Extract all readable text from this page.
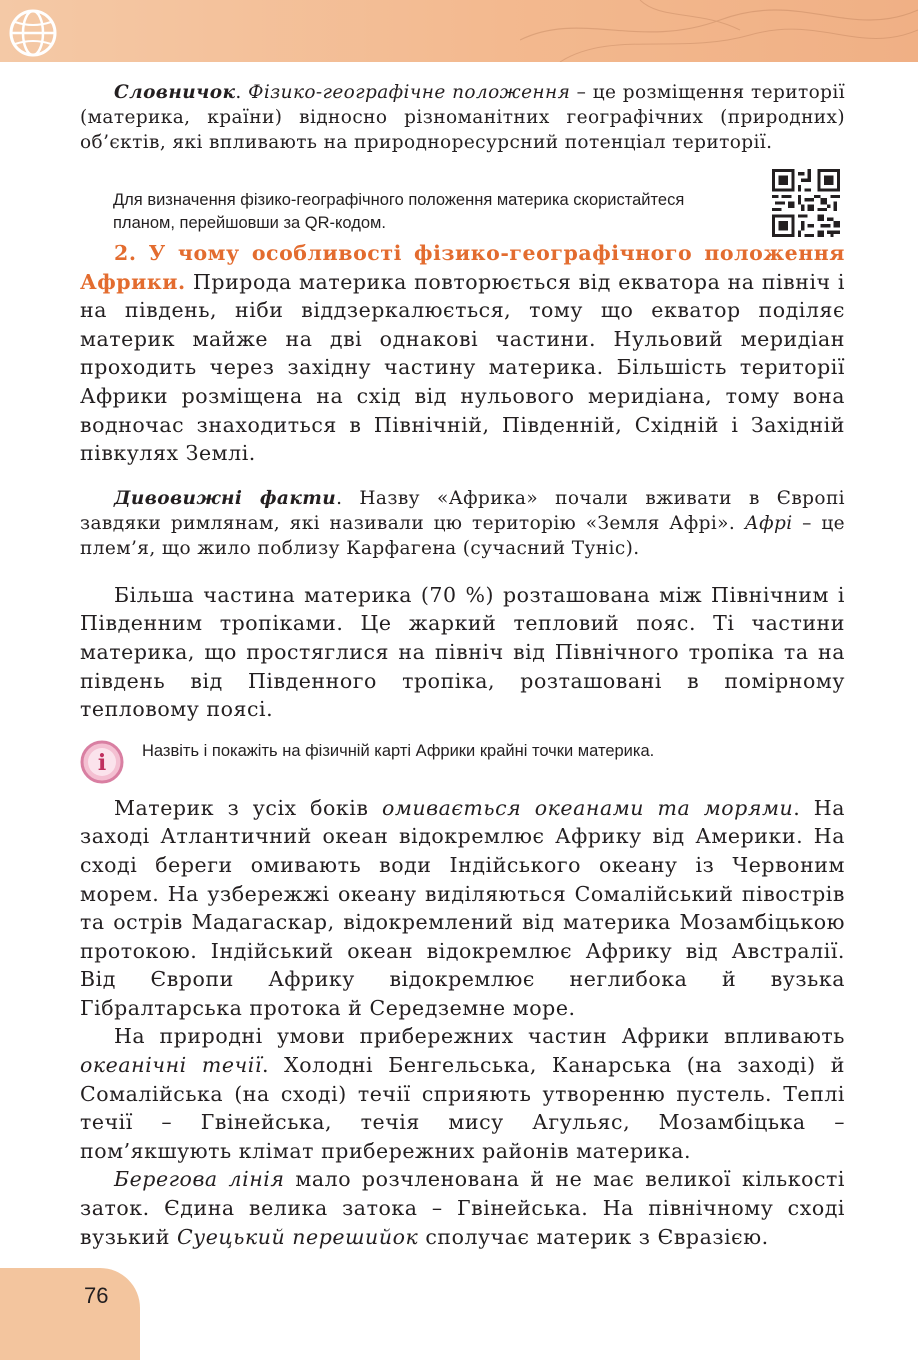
Словничок. Фізико-географічне положення – це розміщення території (материка, країни) відносно різноманітних географічних (природних) об’єктів, які впливають на природноресурсний потенціал території.

Для визначення фізико-географічного положення материка скористайтеся планом, перейшовши за QR-кодом.

2. У чому особливості фізико-географічного положення Африки. Природа материка повторюється від екватора на північ і на південь, ніби віддзеркалюється, тому що екватор поділяє материк майже на дві однакові частини. Нульовий меридіан проходить через західну частину материка. Більшість території Африки розміщена на схід від нульового меридіана, тому вона водночас знаходиться в Північній, Південній, Східній і Західній півкулях Землі.

Дивовижні факти. Назву «Африка» почали вживати в Європі завдяки римлянам, які називали цю територію «Земля Афрі». Афрі – це плем’я, що жило поблизу Карфагена (сучасний Туніс).

Більша частина материка (70 %) розташована між Північним і Південним тропіками. Це жаркий тепловий пояс. Ті частини материка, що простяглися на північ від Північного тропіка та на південь від Південного тропіка, розташовані в помірному тепловому поясі.

i Назвіть і покажіть на фізичній карті Африки крайні точки материка.

Материк з усіх боків омивається океанами та морями. На заході Атлантичний океан відокремлює Африку від Америки. На сході береги омивають води Індійського океану із Червоним морем. На узбережжі океану виділяються Сомалійський півострів та острів Мадагаскар, відокремлений від материка Мозамбіцькою протокою. Індійський океан відокремлює Африку від Австралії. Від Європи Африку відокремлює неглибока й вузька Гібралтарська протока й Середземне море.

На природні умови прибережних частин Африки впливають океанічні течії. Холодні Бенгельська, Канарська (на заході) й Сомалійська (на сході) течії сприяють утворенню пустель. Теплі течії – Гвінейська, течія мису Агульяс, Мозамбіцька – пом’якшують клімат прибережних районів материка.

Берегова лінія мало розчленована й не має великої кількості заток. Єдина велика затока – Гвінейська. На північному сході вузький Суецький перешийок сполучає материк з Євразією.

76
